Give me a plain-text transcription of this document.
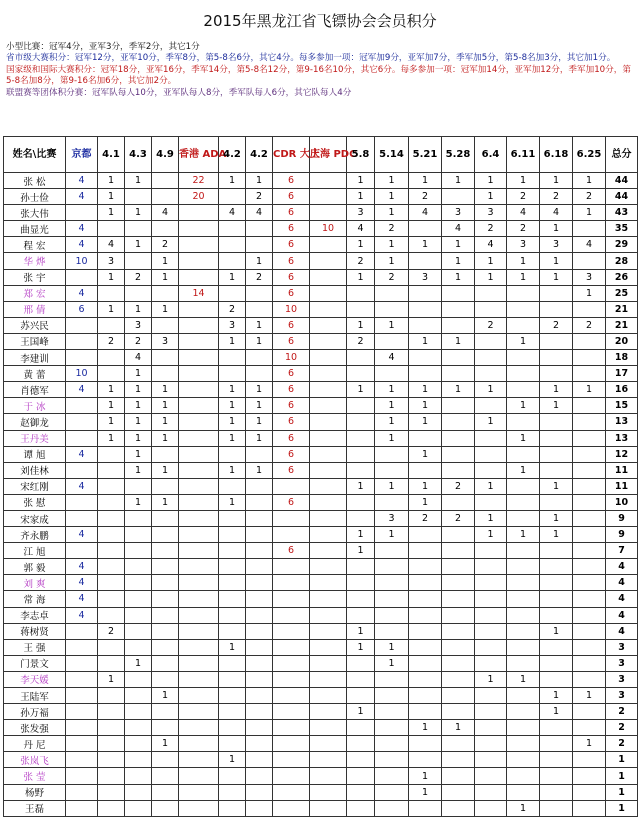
2015年黑龙江省飞镖协会会员积分
小型比赛：冠军4分，亚军3分，季军2分，其它1分
省市级大赛积分：冠军12分，亚军10分，季军8分，第5-8名6分，其它4分。每多参加一项：冠军加9分，亚军加7分，季军加5分，第5-8名加3分，其它加1分。
国家级和国际大赛积分：冠军18分，亚军16分，季军14分，第5-8名12分，第9-16名10分，其它6分。每多参加一项：冠军加14分，亚军加12分，季军加10分，第5-8名加8分，第9-16名加6分，其它加2分。
联盟赛等团体积分赛：冠军队每人10分，亚军队每人8分，季军队每人6分，其它队每人4分
姓名\比赛	京都	4.1	4.3	4.9	香港 ADA	4.2	4.2	CDR 大庆	上海 PDC	5.8	5.14	5.21	5.28	6.4	6.11	6.18	6.25	总分
张 松	4	1	1		22	1	1	6		1	1	1	1	1	1	1	1	44
孙士俭	4	1			20		2	6		1	1	2		1	2	2	2	44
张大伟		1	1	4		4	4	6		3	1	4	3	3	4	4	1	43
曲显光	4							6	10	4	2		4	2	2	1		35
程 宏	4	4	1	2				6		1	1	1	1	4	3	3	4	29
华 烨	10	3		1			1	6		2	1		1	1	1	1		28
张 宇		1	2	1		1	2	6		1	2	3	1	1	1	1	3	26
郑 宏	4				14			6									1	25
邢 倩	6	1	1	1		2		10										21
苏兴民			3			3	1	6		1	1			2		2	2	21
王国峰		2	2	3		1	1	6		2		1	1		1			20
李建训			4					10			4							18
黄 蕾	10		1					6										17
肖德军	4	1	1	1		1	1	6		1	1	1	1	1		1	1	16
于 冰		1	1	1		1	1	6			1	1			1	1		15
赵御龙		1	1	1		1	1	6			1	1		1				13
王丹美		1	1	1		1	1	6			1				1			13
谭 旭	4		1					6				1						12
刘佳林			1	1		1	1	6							1			11
宋红刚	4									1	1	1	2	1		1		11
张 慰			1	1		1		6				1						10
宋家成											3	2	2	1		1		9
齐永鹏	4									1	1			1	1	1		9
江 旭								6		1								7
郭 毅	4																	4
刘 爽	4																	4
常 海	4																	4
李志卓	4																	4
蒋树贤		2								1						1		4
王 强						1				1	1							3
门景文			1								1							3
李天媛		1												1	1			3
王陆军				1												1	1	3
孙万福										1						1		2
张发强												1	1					2
丹 尼				1													1	2
张岚飞						1												1
张 莹												1						1
杨野												1						1
王磊															1			1
